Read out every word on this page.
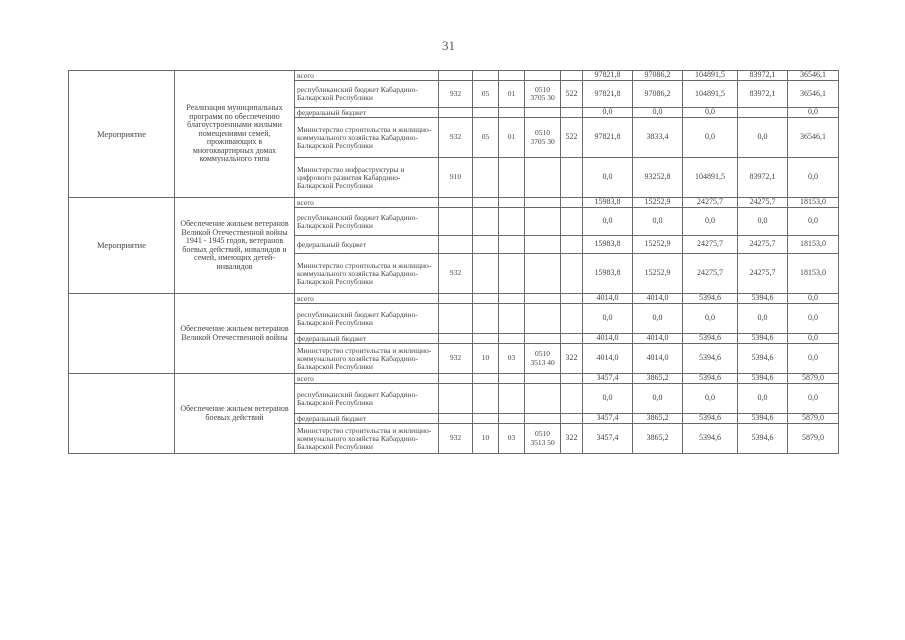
31
Мероприятие	Реализация муниципальных программ по обеспечению благоустроенными жилыми помещениями семей, проживающих в многоквартирных домах коммунального типа	всего						97821,8	97086,2	104891,5	83972,1	36546,1
		республиканский бюджет Кабардино-Балкарской Республики	932	05	01	0510 3705 30	522	97821,8	97086,2	104891,5	83972,1	36546,1
		федеральный бюджет						0,0	0,0	0,0		0,0
		Министерство строительства и жилищно-коммунального хозяйства Кабардино-Балкарской Республики	932	05	01	0510 3705 30	522	97821,8	3833,4	0,0	0,0	36546,1
		Министерство инфраструктуры и цифрового развития Кабардино-Балкарской Республики	910					0,0	93252,8	104891,5	83972,1	0,0
Мероприятие	Обеспечение жильем ветеранов Великой Отечественной войны 1941 - 1945 годов, ветеранов боевых действий, инвалидов и семей, имеющих детей-инвалидов	всего						15983,8	15252,9	24275,7	24275,7	18153,0
		республиканский бюджет Кабардино-Балкарской Республики						0,0	0,0	0,0	0,0	0,0
		федеральный бюджет						15983,8	15252,9	24275,7	24275,7	18153,0
		Министерство строительства и жилищно-коммунального хозяйства Кабардино-Балкарской Республики	932					15983,8	15252,9	24275,7	24275,7	18153,0
	Обеспечение жильем ветеранов Великой Отечественной войны	всего						4014,0	4014,0	5394,6	5394,6	0,0
		республиканский бюджет Кабардино-Балкарской Республики						0,0	0,0	0,0	0,0	0,0
		федеральный бюджет						4014,0	4014,0	5394,6	5394,6	0,0
		Министерство строительства и жилищно-коммунального хозяйства Кабардино-Балкарской Республики	932	10	03	0510 3513 40	322	4014,0	4014,0	5394,6	5394,6	0,0
	Обеспечение жильем ветеранов боевых действий	всего						3457,4	3865,2	5394,6	5394,6	5879,0
		республиканский бюджет Кабардино-Балкарской Республики						0,0	0,0	0,0	0,0	0,0
		федеральный бюджет						3457,4	3865,2	5394,6	5394,6	5879,0
		Министерство строительства и жилищно-коммунального хозяйства Кабардино-Балкарской Республики	932	10	03	0510 3513 50	322	3457,4	3865,2	5394,6	5394,6	5879,0
